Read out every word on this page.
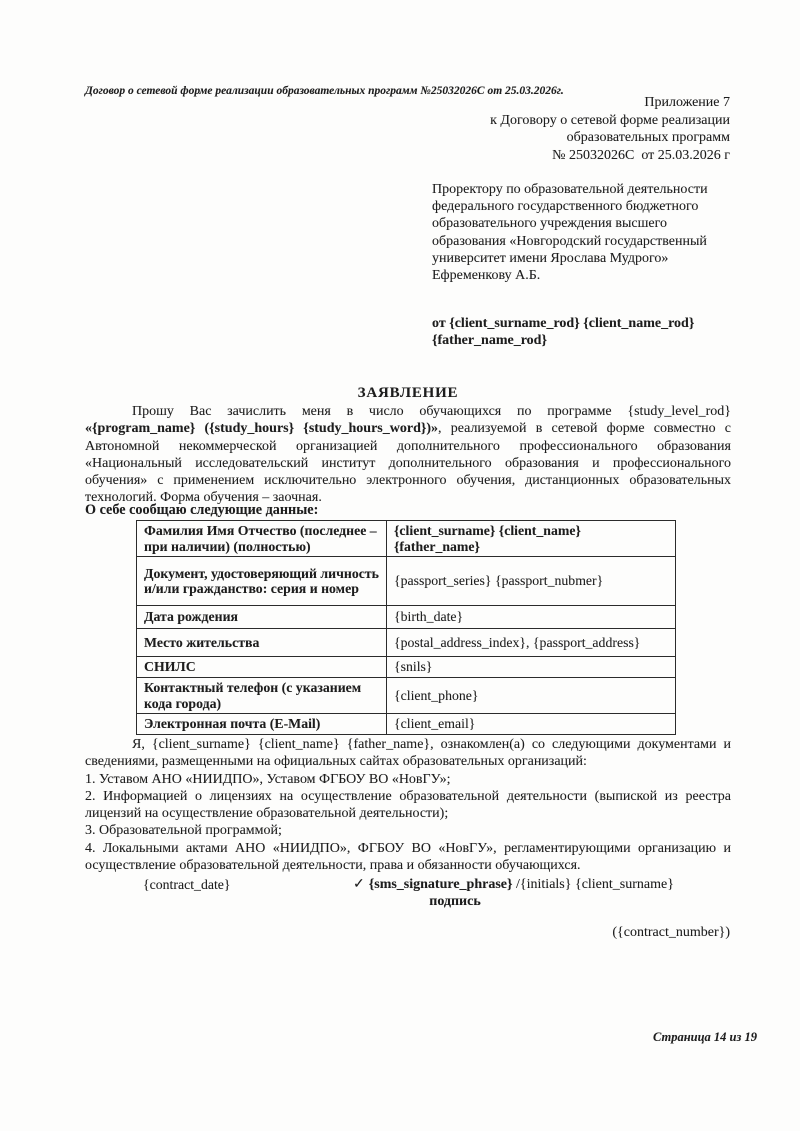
Договор о сетевой форме реализации образовательных программ №25032026С от 25.03.2026г.
Приложение 7
к Договору о сетевой форме реализации
образовательных программ
№ 25032026С  от 25.03.2026 г
Проректору по образовательной деятельности федерального государственного бюджетного образовательного учреждения высшего образования «Новгородский государственный университет имени Ярослава Мудрого» Ефременкову А.Б.
от {client_surname_rod} {client_name_rod} {father_name_rod}
ЗАЯВЛЕНИЕ
Прошу Вас зачислить меня в число обучающихся по программе {study_level_rod} «{program_name} ({study_hours} {study_hours_word})», реализуемой в сетевой форме совместно с Автономной некоммерческой организацией дополнительного профессионального образования «Национальный исследовательский институт дополнительного образования и профессионального обучения» с применением исключительно электронного обучения, дистанционных образовательных технологий. Форма обучения – заочная.
О себе сообщаю следующие данные:
Фамилия Имя Отчество (последнее – при наличии) (полностью)	{client_surname} {client_name} {father_name}
Документ, удостоверяющий личность и/или гражданство: серия и номер	{passport_series} {passport_nubmer}
Дата рождения	{birth_date}
Место жительства	{postal_address_index}, {passport_address}
СНИЛС	{snils}
Контактный телефон (с указанием кода города)	{client_phone}
Электронная почта (E-Mail)	{client_email}
Я, {client_surname} {client_name} {father_name}, ознакомлен(а) со следующими документами и сведениями, размещенными на официальных сайтах образовательных организаций:
1. Уставом АНО «НИИДПО», Уставом ФГБОУ ВО «НовГУ»;
2. Информацией о лицензиях на осуществление образовательной деятельности (выпиской из реестра лицензий на осуществление образовательной деятельности);
3. Образовательной программой;
4. Локальными актами АНО «НИИДПО», ФГБОУ ВО «НовГУ», регламентирующими организацию и осуществление образовательной деятельности, права и обязанности обучающихся.
{contract_date}	✓ {sms_signature_phrase} /{initials} {client_surname}
подпись
({contract_number})
Страница 14 из 19
